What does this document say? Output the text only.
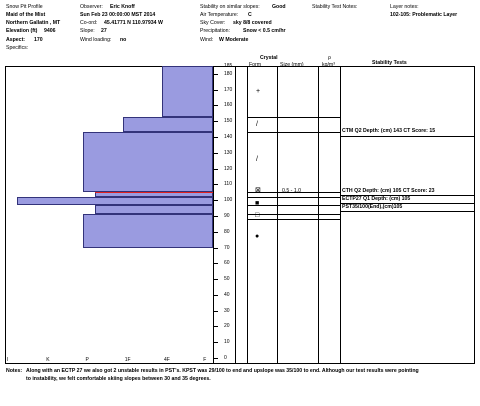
Snow Pit Profile
Maid of the Mist
Northern Gallatin , MT
Elevation (ft) 9406
Aspect: 170
Specifics:
Observer: Eric Knoff
Sun Feb 23 00:00:00 MST 2014
Co-ord: 45.41771 N 110.97934 W
Slope: 27
Wind loading: no
Stability on similar slopes: Good
Air Temperature: C
Sky Cover: sky 8/8 covered
Precipitation:	Snow < 0.5 cm/hr
Wind: W Moderate
Stability Test Notes:	Layer notes:
102-105: Problematic Layer
Crystal
Form	Size (mm)
ρ
kg/m³	Stability Tests
185
180
170
160
150
140
130
120
110
100
90
80
70
60
50
40
30
20
10
0
+
/
/
⊠	0.5 - 1.0
■
□
●
CTM Q2 Depth: (cm) 143 CT Score: 15
CTH Q2 Depth: (cm) 105 CT Score: 23
ECTP27 Q1 Depth: (cm) 105
PST35/100(End),(cm)105
I	K	P	1F	4F	F
Notes: Along with an ECTP 27 we also got 2 unstable results in PST's. KPST was 29/100 to end and upslope was 35/100 to end. Although our test results were pointing
to instability, we felt comfortable skiing slopes between 30 and 35 degrees.
